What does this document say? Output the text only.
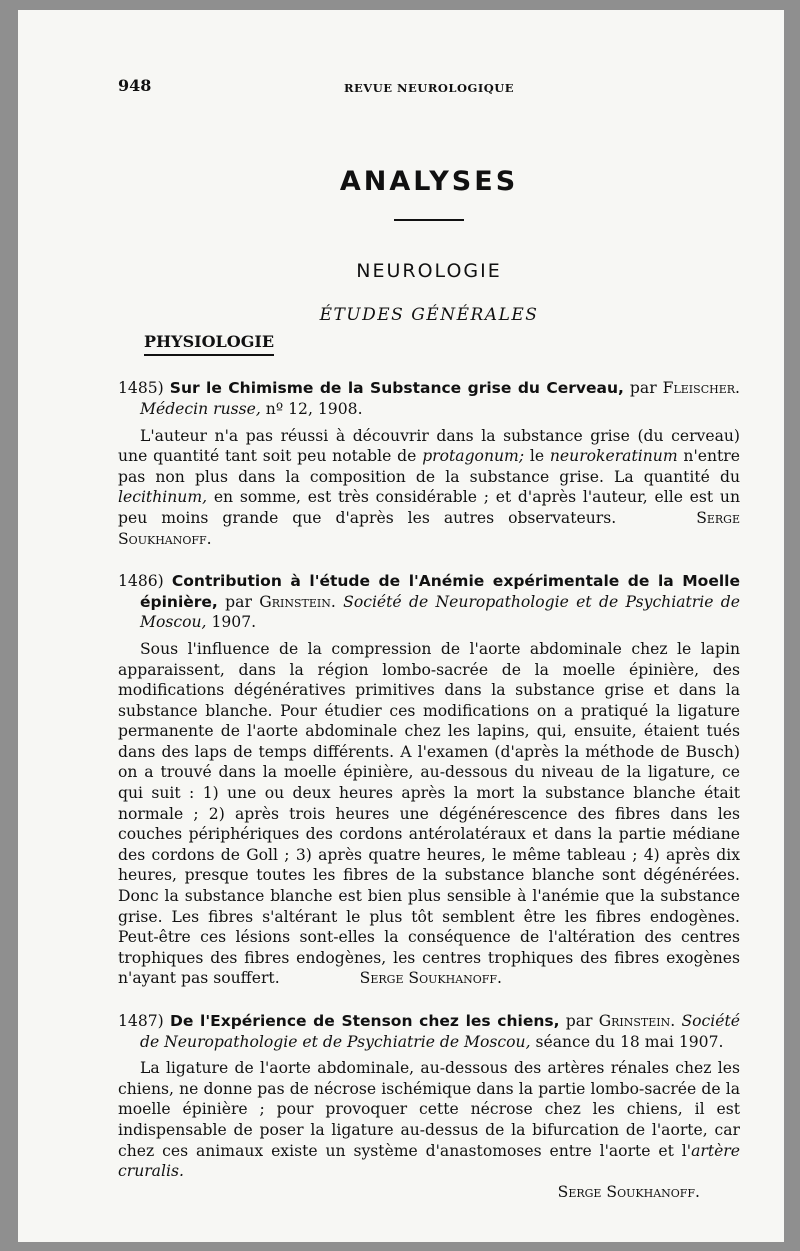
948	REVUE NEUROLOGIQUE
ANALYSES
NEUROLOGIE
ÉTUDES GÉNÉRALES
PHYSIOLOGIE
1485) Sur le Chimisme de la Substance grise du Cerveau, par Fleischer. Médecin russe, nº 12, 1908.
L'auteur n'a pas réussi à découvrir dans la substance grise (du cerveau) une quantité tant soit peu notable de protagonum; le neurokeratinum n'entre pas non plus dans la composition de la substance grise. La quantité du lecithinum, en somme, est très considérable ; et d'après l'auteur, elle est un peu moins grande que d'après les autres observateurs.	Serge Soukhanoff.
1486) Contribution à l'étude de l'Anémie expérimentale de la Moelle épinière, par Grinstein. Société de Neuropathologie et de Psychiatrie de Moscou, 1907.
Sous l'influence de la compression de l'aorte abdominale chez le lapin apparaissent, dans la région lombo-sacrée de la moelle épinière, des modifications dégénératives primitives dans la substance grise et dans la substance blanche. Pour étudier ces modifications on a pratiqué la ligature permanente de l'aorte abdominale chez les lapins, qui, ensuite, étaient tués dans des laps de temps différents. A l'examen (d'après la méthode de Busch) on a trouvé dans la moelle épinière, au-dessous du niveau de la ligature, ce qui suit : 1) une ou deux heures après la mort la substance blanche était normale ; 2) après trois heures une dégénérescence des fibres dans les couches périphériques des cordons antérolatéraux et dans la partie médiane des cordons de Goll ; 3) après quatre heures, le même tableau ; 4) après dix heures, presque toutes les fibres de la substance blanche sont dégénérées. Donc la substance blanche est bien plus sensible à l'anémie que la substance grise. Les fibres s'altérant le plus tôt semblent être les fibres endogènes. Peut-être ces lésions sont-elles la conséquence de l'altération des centres trophiques des fibres endogènes, les centres trophiques des fibres exogènes n'ayant pas souffert.	Serge Soukhanoff.
1487) De l'Expérience de Stenson chez les chiens, par Grinstein. Société de Neuropathologie et de Psychiatrie de Moscou, séance du 18 mai 1907.
La ligature de l'aorte abdominale, au-dessous des artères rénales chez les chiens, ne donne pas de nécrose ischémique dans la partie lombo-sacrée de la moelle épinière ; pour provoquer cette nécrose chez les chiens, il est indispensable de poser la ligature au-dessus de la bifurcation de l'aorte, car chez ces animaux existe un système d'anastomoses entre l'aorte et l'artère cruralis.
Serge Soukhanoff.
